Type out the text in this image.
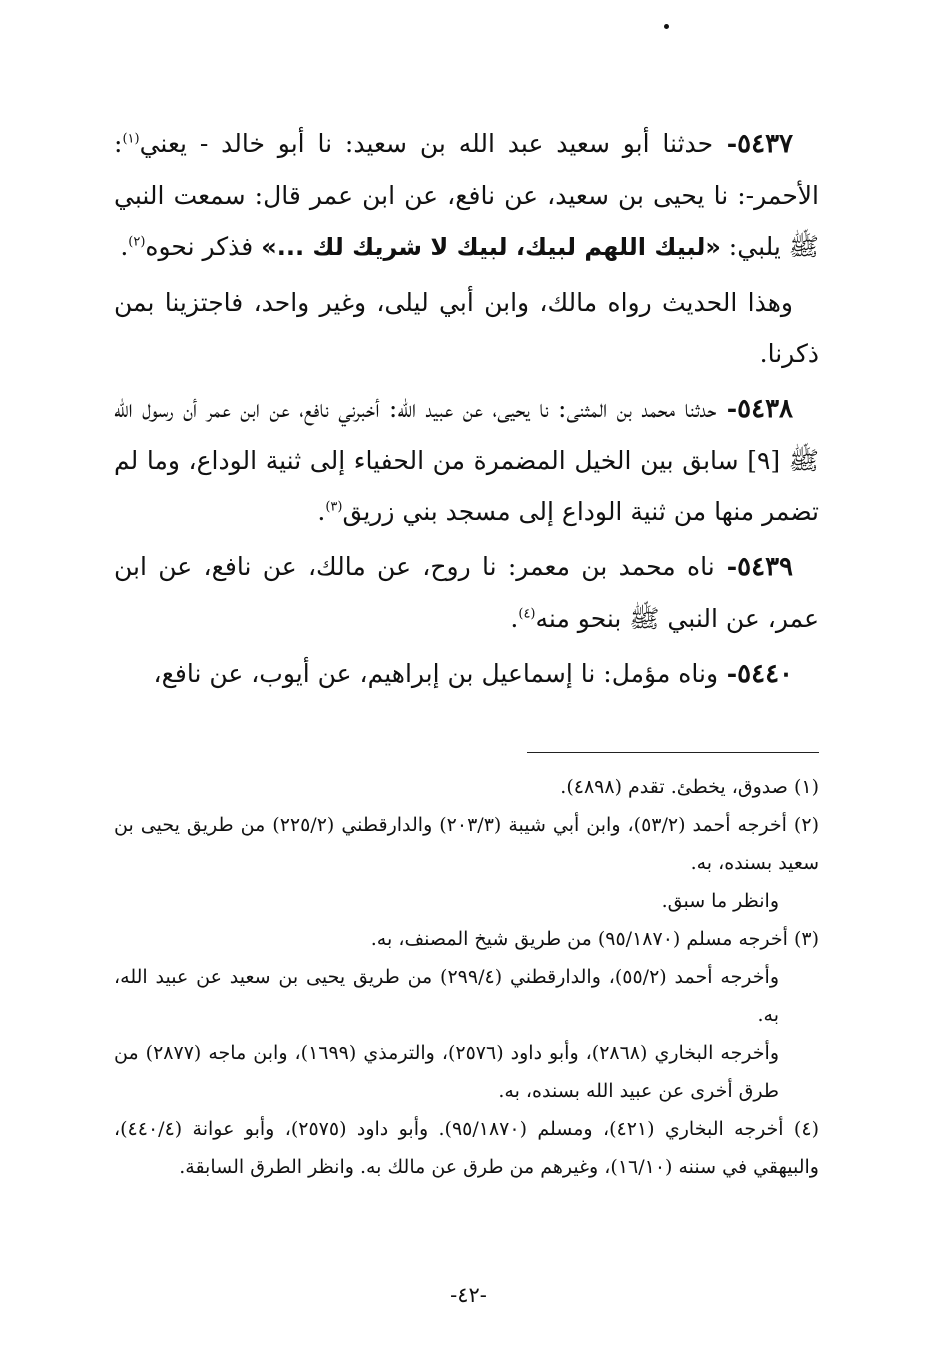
٥٤٣٧- حدثنا أبو سعيد عبد الله بن سعيد: نا أبو خالد - يعني$^{(١)}$: الأحمر-: نا يحيى بن سعيد، عن نافع، عن ابن عمر قال: سمعت النبي ﷺ يلبي: «لبيك اللهم لبيك، لبيك لا شريك لك ...» فذكر نحوه$^{(٢)}$.

وهذا الحديث رواه مالك، وابن أبي ليلى، وغير واحد، فاجتزينا بمن ذكرنا.

٥٤٣٨- حدثنا محمد بن المثنى: نا يحيى، عن عبيد الله: أخبرني نافع، عن ابن عمر أن رسول الله ﷺ [٩] سابق بين الخيل المضمرة من الحفياء إلى ثنية الوداع، وما لم تضمر منها من ثنية الوداع إلى مسجد بني زريق$^{(٣)}$.

٥٤٣٩- ناه محمد بن معمر: نا روح، عن مالك، عن نافع، عن ابن عمر، عن النبي ﷺ بنحو منه$^{(٤)}$.

٥٤٤٠- وناه مؤمل: نا إسماعيل بن إبراهيم، عن أيوب، عن نافع،

(١) صدوق، يخطئ. تقدم (٤٨٩٨).

(٢) أخرجه أحمد (٥٣/٢)، وابن أبي شيبة (٢٠٣/٣) والدارقطني (٢٢٥/٢) من طريق يحيى بن سعيد بسنده، به.

وانظر ما سبق.

(٣) أخرجه مسلم (٩٥/١٨٧٠) من طريق شيخ المصنف، به.

وأخرجه أحمد (٥٥/٢)، والدارقطني (٢٩٩/٤) من طريق يحيى بن سعيد عن عبيد الله، به.

وأخرجه البخاري (٢٨٦٨)، وأبو داود (٢٥٧٦)، والترمذي (١٦٩٩)، وابن ماجه (٢٨٧٧) من طرق أخرى عن عبيد الله بسنده، به.

(٤) أخرجه البخاري (٤٢١)، ومسلم (٩٥/١٨٧٠). وأبو داود (٢٥٧٥)، وأبو عوانة (٤٤٠/٤)، والبيهقي في سننه (١٦/١٠)، وغيرهم من طرق عن مالك به. وانظر الطرق السابقة.

-٤٢-
